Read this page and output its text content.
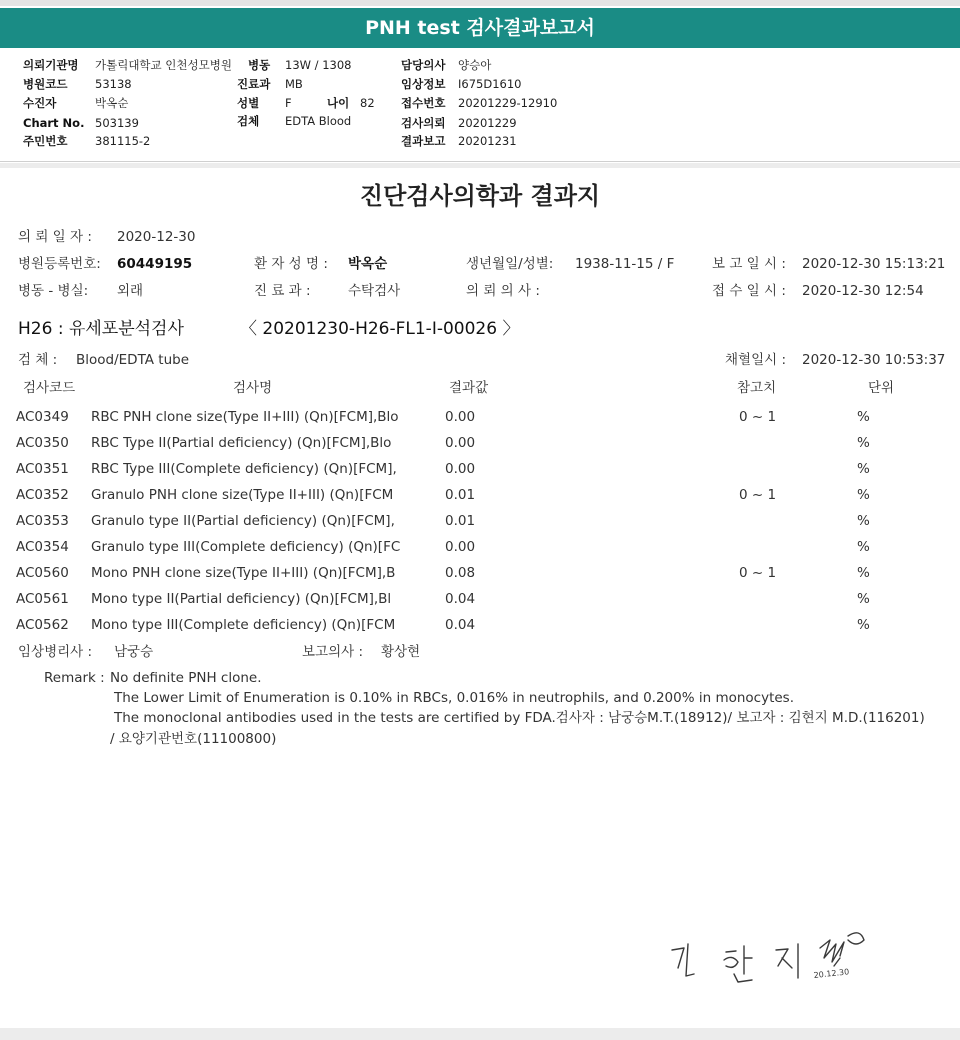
PNH test 검사결과보고서
의뢰기관명 가톨릭대학교 인천성모병원 병동 13W / 1308	담당의사 양승아
병원코드 53138	진료과 MB	임상정보 I675D1610
수진자	박옥순	성별 F	나이 82 접수번호 20201229-12910
Chart No. 503139	검체 EDTA Blood	검사의뢰 20201229
주민번호 381115-2	결과보고 20201231
진단검사의학과 결과지
의 뢰 일 자 : 2020-12-30
병원등록번호: 60449195	환 자 성 명 : 박옥순	생년월일/성별: 1938-11-15 / F	보 고 일 시 : 2020-12-30 15:13:21
병동 - 병실: 외래	진 료 과 :	수탁검사	의 뢰 의 사 :	접 수 일 시 : 2020-12-30 12:54
H26 : 유세포분석검사	〈 20201230-H26-FL1-I-00026 〉
검 체 : Blood/EDTA tube	채혈일시 : 2020-12-30 10:53:37
검사코드	검사명	결과값	참고치	단위
AC0349 RBC PNH clone size(Type II+III) (Qn)[FCM],Blo	0.00	0 ~ 1	%
AC0350 RBC Type II(Partial deficiency) (Qn)[FCM],Blo	0.00	%
AC0351 RBC Type III(Complete deficiency) (Qn)[FCM],	0.00	%
AC0352 Granulo PNH clone size(Type II+III) (Qn)[FCM	0.01	0 ~ 1	%
AC0353 Granulo type II(Partial deficiency) (Qn)[FCM],	0.01	%
AC0354 Granulo type III(Complete deficiency) (Qn)[FC	0.00	%
AC0560 Mono PNH clone size(Type II+III) (Qn)[FCM],B	0.08	0 ~ 1	%
AC0561 Mono type II(Partial deficiency) (Qn)[FCM],Bl	0.04	%
AC0562 Mono type III(Complete deficiency) (Qn)[FCM	0.04	%
임상병리사 : 남궁승	보고의사 : 황상현
Remark : No definite PNH clone.
The Lower Limit of Enumeration is 0.10% in RBCs, 0.016% in neutrophils, and 0.200% in monocytes.
The monoclonal antibodies used in the tests are certified by FDA.검사자 : 남궁승M.T.(18912)/ 보고자 : 김현지 M.D.(116201)
/ 요양기관번호(11100800)
20.12.30
